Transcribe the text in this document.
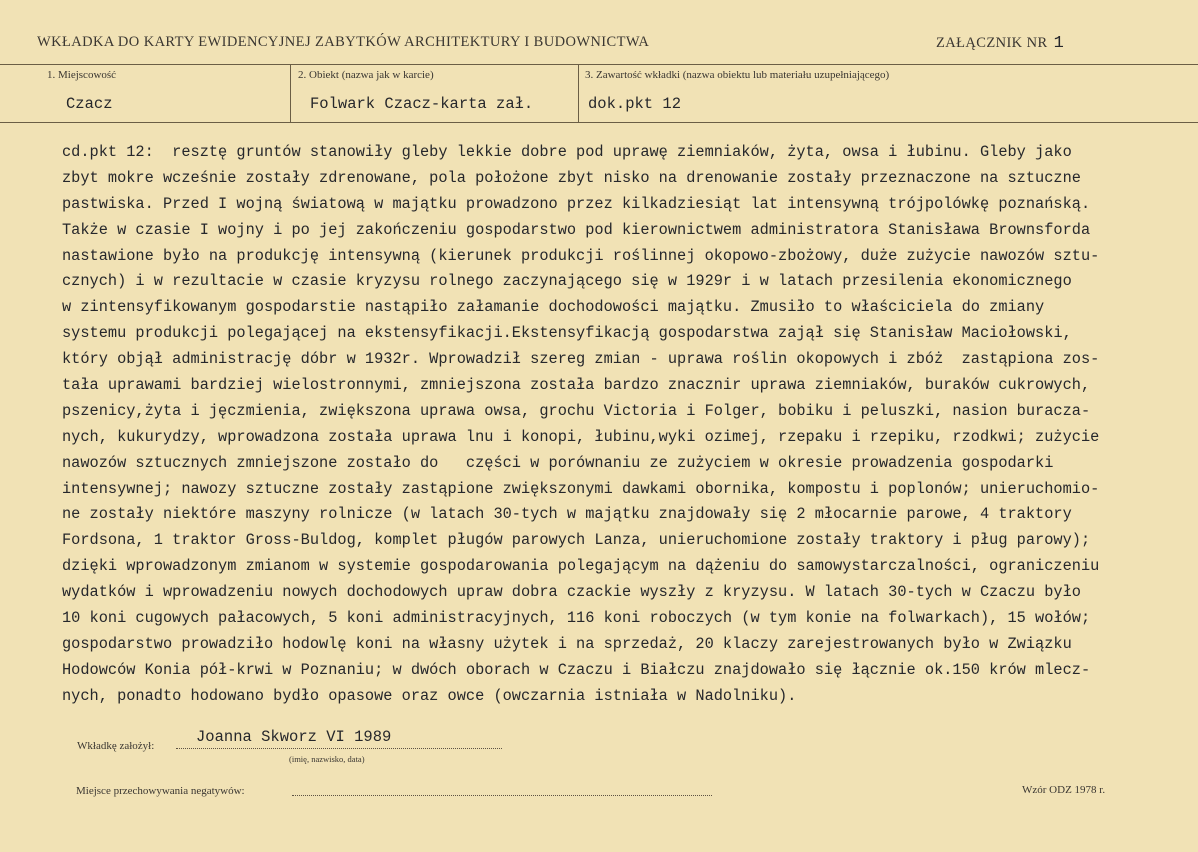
WKŁADKA DO KARTY EWIDENCYJNEJ ZABYTKÓW ARCHITEKTURY I BUDOWNICTWA	ZAŁĄCZNIK NR 1
1. Miejscowość
Czacz
2. Obiekt (nazwa jak w karcie)
Folwark Czacz-karta zał.
3. Zawartość wkładki (nazwa obiektu lub materiału uzupełniającego)
dok.pkt 12
cd.pkt 12:  resztę gruntów stanowiły gleby lekkie dobre pod uprawę ziemniaków, żyta, owsa i łubinu. Gleby jako
zbyt mokre wcześnie zostały zdrenowane, pola położone zbyt nisko na drenowanie zostały przeznaczone na sztuczne
pastwiska. Przed I wojną światową w majątku prowadzono przez kilkadziesiąt lat intensywną trójpolówkę poznańską.
Także w czasie I wojny i po jej zakończeniu gospodarstwo pod kierownictwem administratora Stanisława Brownsforda
nastawione było na produkcję intensywną (kierunek produkcji roślinnej okopowo-zbożowy, duże zużycie nawozów sztu-
cznych) i w rezultacie w czasie kryzysu rolnego zaczynającego się w 1929r i w latach przesilenia ekonomicznego
w zintensyfikowanym gospodarstie nastąpiło załamanie dochodowości majątku. Zmusiło to właściciela do zmiany
systemu produkcji polegającej na ekstensyfikacji.Ekstensyfikacją gospodarstwa zajął się Stanisław Maciołowski,
który objął administrację dóbr w 1932r. Wprowadził szereg zmian - uprawa roślin okopowych i zbóż  zastąpiona zos-
tała uprawami bardziej wielostronnymi, zmniejszona została bardzo znacznir uprawa ziemniaków, buraków cukrowych,
pszenicy,żyta i jęczmienia, zwiększona uprawa owsa, grochu Victoria i Folger, bobiku i peluszki, nasion buracza-
nych, kukurydzy, wprowadzona została uprawa lnu i konopi, łubinu,wyki ozimej, rzepaku i rzepiku, rzodkwi; zużycie
nawozów sztucznych zmniejszone zostało do   części w porównaniu ze zużyciem w okresie prowadzenia gospodarki
intensywnej; nawozy sztuczne zostały zastąpione zwiększonymi dawkami obornika, kompostu i poplonów; unieruchomio-
ne zostały niektóre maszyny rolnicze (w latach 30-tych w majątku znajdowały się 2 młocarnie parowe, 4 traktory
Fordsona, 1 traktor Gross-Buldog, komplet pługów parowych Lanza, unieruchomione zostały traktory i pług parowy);
dzięki wprowadzonym zmianom w systemie gospodarowania polegającym na dążeniu do samowystarczalności, ograniczeniu
wydatków i wprowadzeniu nowych dochodowych upraw dobra czackie wyszły z kryzysu. W latach 30-tych w Czaczu było
10 koni cugowych pałacowych, 5 koni administracyjnych, 116 koni roboczych (w tym konie na folwarkach), 15 wołów;
gospodarstwo prowadziło hodowlę koni na własny użytek i na sprzedaż, 20 klaczy zarejestrowanych było w Związku
Hodowców Konia pół-krwi w Poznaniu; w dwóch oborach w Czaczu i Białczu znajdowało się łącznie ok.150 krów mlecz-
nych, ponadto hodowano bydło opasowe oraz owce (owczarnia istniała w Nadolniku).
Wkładkę założył:	Joanna Skworz VI 1989
(imię, nazwisko, data)
Miejsce przechowywania negatywów:	Wzór ODZ 1978 r.
